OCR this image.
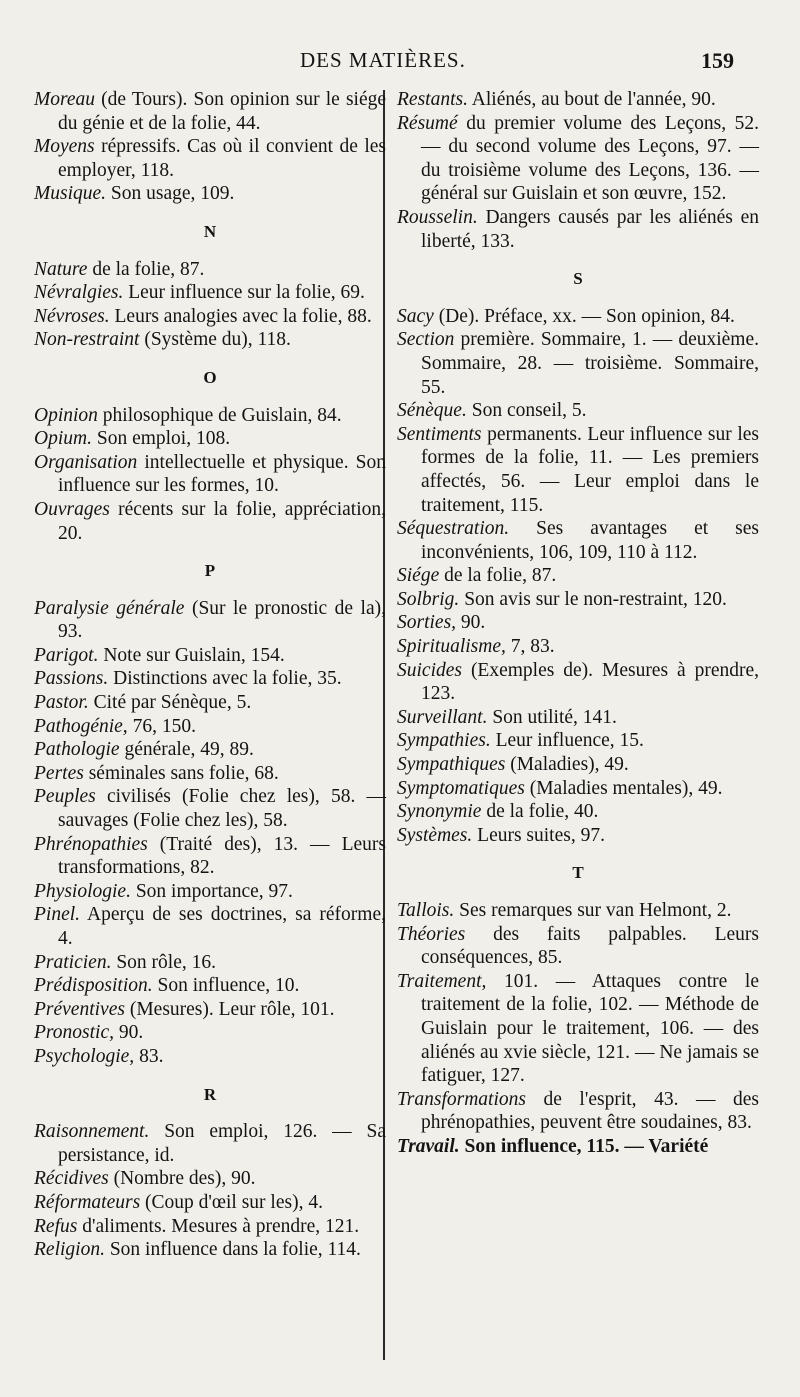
DES MATIÈRES.	159

Moreau (de Tours). Son opinion sur le siége du génie et de la folie, 44.

Moyens répressifs. Cas où il convient de les employer, 118.

Musique. Son usage, 109.

N

Nature de la folie, 87.

Névralgies. Leur influence sur la folie, 69.

Névroses. Leurs analogies avec la folie, 88.

Non-restraint (Système du), 118.

O

Opinion philosophique de Guislain, 84.

Opium. Son emploi, 108.

Organisation intellectuelle et physique. Son influence sur les formes, 10.

Ouvrages récents sur la folie, appréciation, 20.

P

Paralysie générale (Sur le pronostic de la), 93.

Parigot. Note sur Guislain, 154.

Passions. Distinctions avec la folie, 35.

Pastor. Cité par Sénèque, 5.

Pathogénie, 76, 150.

Pathologie générale, 49, 89.

Pertes séminales sans folie, 68.

Peuples civilisés (Folie chez les), 58. — sauvages (Folie chez les), 58.

Phrénopathies (Traité des), 13. — Leurs transformations, 82.

Physiologie. Son importance, 97.

Pinel. Aperçu de ses doctrines, sa réforme, 4.

Praticien. Son rôle, 16.

Prédisposition. Son influence, 10.

Préventives (Mesures). Leur rôle, 101.

Pronostic, 90.

Psychologie, 83.

R

Raisonnement. Son emploi, 126. — Sa persistance, id.

Récidives (Nombre des), 90.

Réformateurs (Coup d'œil sur les), 4.

Refus d'aliments. Mesures à prendre, 121.

Religion. Son influence dans la folie, 114.

Restants. Aliénés, au bout de l'année, 90.

Résumé du premier volume des Leçons, 52. — du second volume des Leçons, 97. — du troisième volume des Leçons, 136. — général sur Guislain et son œuvre, 152.

Rousselin. Dangers causés par les aliénés en liberté, 133.

S

Sacy (De). Préface, xx. — Son opinion, 84.

Section première. Sommaire, 1. — deuxième. Sommaire, 28. — troisième. Sommaire, 55.

Sénèque. Son conseil, 5.

Sentiments permanents. Leur influence sur les formes de la folie, 11. — Les premiers affectés, 56. — Leur emploi dans le traitement, 115.

Séquestration. Ses avantages et ses inconvénients, 106, 109, 110 à 112.

Siége de la folie, 87.

Solbrig. Son avis sur le non-restraint, 120.

Sorties, 90.

Spiritualisme, 7, 83.

Suicides (Exemples de). Mesures à prendre, 123.

Surveillant. Son utilité, 141.

Sympathies. Leur influence, 15.

Sympathiques (Maladies), 49.

Symptomatiques (Maladies mentales), 49.

Synonymie de la folie, 40.

Systèmes. Leurs suites, 97.

T

Tallois. Ses remarques sur van Helmont, 2.

Théories des faits palpables. Leurs conséquences, 85.

Traitement, 101. — Attaques contre le traitement de la folie, 102. — Méthode de Guislain pour le traitement, 106. — des aliénés au xvie siècle, 121. — Ne jamais se fatiguer, 127.

Transformations de l'esprit, 43. — des phrénopathies, peuvent être soudaines, 83.

Travail. Son influence, 115. — Variété
